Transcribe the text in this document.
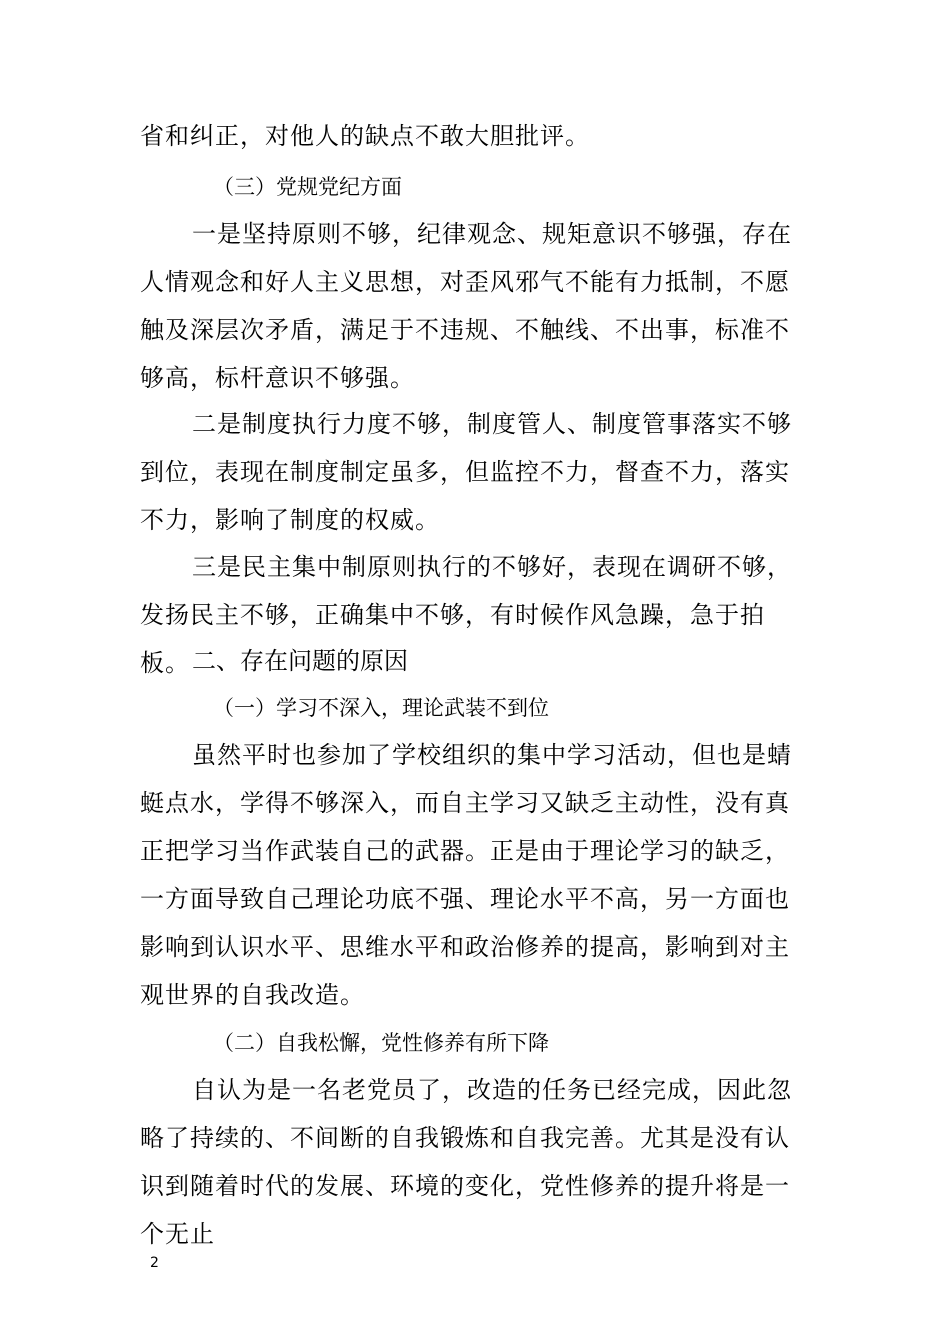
省和纠正，对他人的缺点不敢大胆批评。

（三）党规党纪方面

一是坚持原则不够，纪律观念、规矩意识不够强，存在人情观念和好人主义思想，对歪风邪气不能有力抵制，不愿触及深层次矛盾，满足于不违规、不触线、不出事，标准不够高，标杆意识不够强。

二是制度执行力度不够，制度管人、制度管事落实不够到位，表现在制度制定虽多，但监控不力，督查不力，落实不力，影响了制度的权威。

三是民主集中制原则执行的不够好，表现在调研不够，发扬民主不够，正确集中不够，有时候作风急躁，急于拍板。 二、存在问题的原因

（一）学习不深入，理论武装不到位

虽然平时也参加了学校组织的集中学习活动，但也是蜻蜓点水，学得不够深入，而自主学习又缺乏主动性，没有真正把学习当作武装自己的武器。正是由于理论学习的缺乏，一方面导致自己理论功底不强、理论水平不高，另一方面也影响到认识水平、思维水平和政治修养的提高，影响到对主观世界的自我改造。

（二）自我松懈，党性修养有所下降

自认为是一名老党员了，改造的任务已经完成，因此忽略了持续的、不间断的自我锻炼和自我完善。尤其是没有认识到随着时代的发展、环境的变化，党性修养的提升将是一个无止

2
